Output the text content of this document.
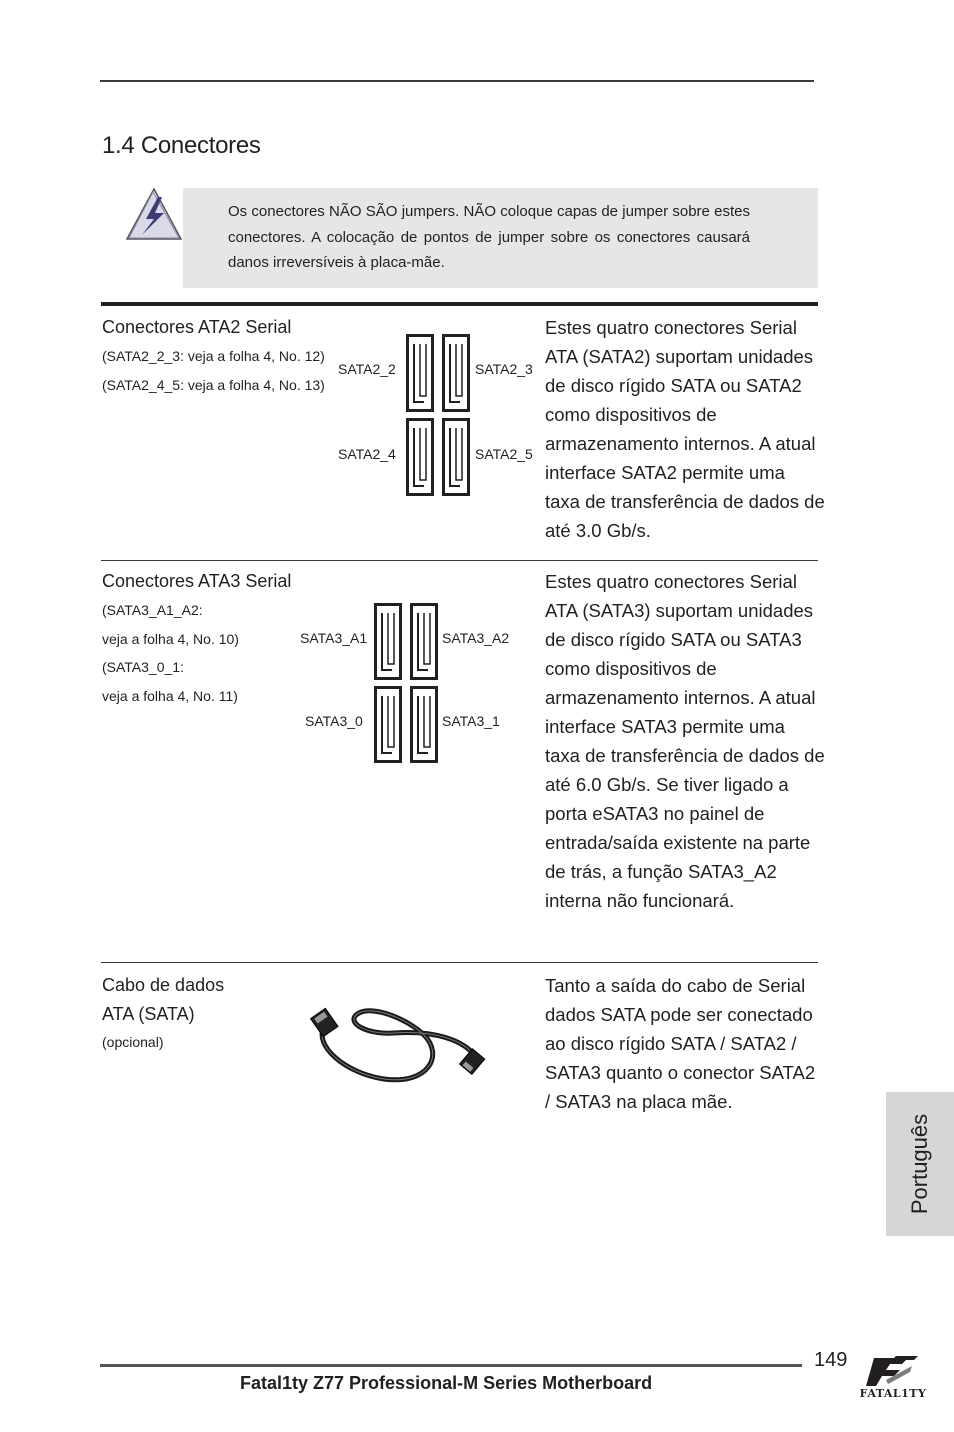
1.4 Conectores
Os conectores NÃO SÃO jumpers. NÃO coloque capas de jumper sobre estes conectores. A colocação de pontos de jumper sobre os conectores causará danos irreversíveis à placa-mãe.
Conectores ATA2 Serial
(SATA2_2_3: veja a folha 4, No. 12)
(SATA2_4_5: veja a folha 4, No. 13)
SATA2_2	SATA2_3
SATA2_4	SATA2_5
Estes quatro conectores Serial ATA (SATA2) suportam unidades de disco rígido SATA ou SATA2 como dispositivos de armazenamento internos. A atual interface SATA2 permite uma taxa de transferência de dados de até 3.0 Gb/s.
Conectores ATA3 Serial
(SATA3_A1_A2:
veja a folha 4, No. 10)
(SATA3_0_1:
veja a folha 4, No. 11)
SATA3_A1	SATA3_A2
SATA3_0	SATA3_1
Estes quatro conectores Serial ATA (SATA3) suportam unidades de disco rígido SATA ou SATA3 como dispositivos de armazenamento internos. A atual interface SATA3 permite uma taxa de transferência de dados de até 6.0 Gb/s. Se tiver ligado a porta eSATA3 no painel de entrada/saída existente na parte de trás, a função SATA3_A2 interna não funcionará.
Cabo de dados
ATA (SATA)
(opcional)
Tanto a saída do cabo de Serial dados SATA pode ser conectado ao disco rígido SATA / SATA2 / SATA3 quanto o conector SATA2 / SATA3 na placa mãe.
Português
149
Fatal1ty Z77 Professional-M Series Motherboard
FATAL1TY
